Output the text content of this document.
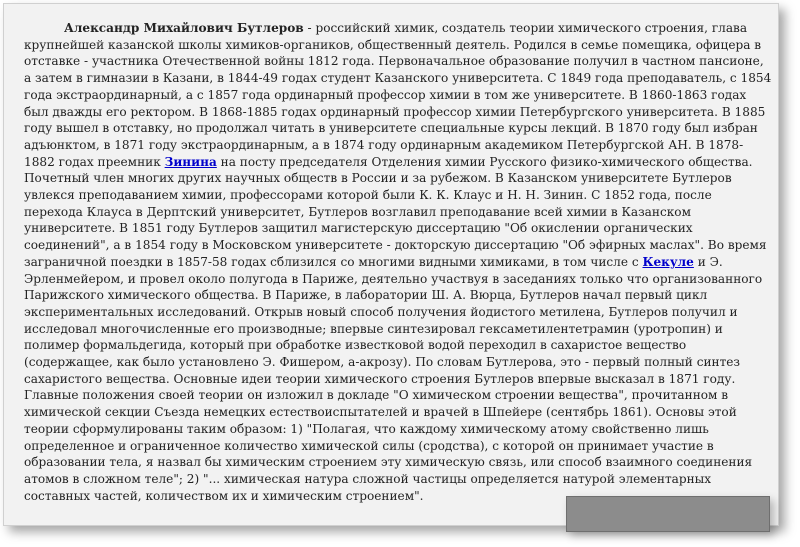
Александр Михайлович Бутлеров - российский химик, создатель теории химического строения, глава крупнейшей казанской школы химиков-органиков, общественный деятель. Родился в семье помещика, офицера в отставке - участника Отечественной войны 1812 года. Первоначальное образование получил в частном пансионе, а затем в гимназии в Казани, в 1844-49 годах студент Казанского университета. С 1849 года преподаватель, с 1854 года экстраординарный, а с 1857 года ординарный профессор химии в том же университете. В 1860-1863 годах был дважды его ректором. В 1868-1885 годах ординарный профессор химии Петербургского университета. В 1885 году вышел в отставку, но продолжал читать в университете специальные курсы лекций. В 1870 году был избран адъюнктом, в 1871 году экстраординарным, а в 1874 году ординарным академиком Петербургской АН. В 1878-1882 годах преемник Зинина на посту председателя Отделения химии Русского физико-химического общества. Почетный член многих других научных обществ в России и за рубежом. В Казанском университете Бутлеров увлекся преподаванием химии, профессорами которой были К. К. Клаус и Н. Н. Зинин. С 1852 года, после перехода Клауса в Дерптский университет, Бутлеров возглавил преподавание всей химии в Казанском университете. В 1851 году Бутлеров защитил магистерскую диссертацию "Об окислении органических соединений", а в 1854 году в Московском университете - докторскую диссертацию "Об эфирных маслах". Во время заграничной поездки в 1857-58 годах сблизился со многими видными химиками, в том числе с Кекуле и Э. Эрленмейером, и провел около полугода в Париже, деятельно участвуя в заседаниях только что организованного Парижского химического общества. В Париже, в лаборатории Ш. А. Вюрца, Бутлеров начал первый цикл экспериментальных исследований. Открыв новый способ получения йодистого метилена, Бутлеров получил и исследовал многочисленные его производные; впервые синтезировал гексаметилентетрамин (уротропин) и полимер формальдегида, который при обработке известковой водой переходил в сахаристое вещество (содержащее, как было установлено Э. Фишером, а-акрозу). По словам Бутлерова, это - первый полный синтез сахаристого вещества. Основные идеи теории химического строения Бутлеров впервые высказал в 1871 году. Главные положения своей теории он изложил в докладе "О химическом строении вещества", прочитанном в химической секции Съезда немецких естествоиспытателей и врачей в Шпейере (сентябрь 1861). Основы этой теории сформулированы таким образом: 1) "Полагая, что каждому химическому атому свойственно лишь определенное и ограниченное количество химической силы (сродства), с которой он принимает участие в образовании тела, я назвал бы химическим строением эту химическую связь, или способ взаимного соединения атомов в сложном теле"; 2) "... химическая натура сложной частицы определяется натурой элементарных составных частей, количеством их и химическим строением".
